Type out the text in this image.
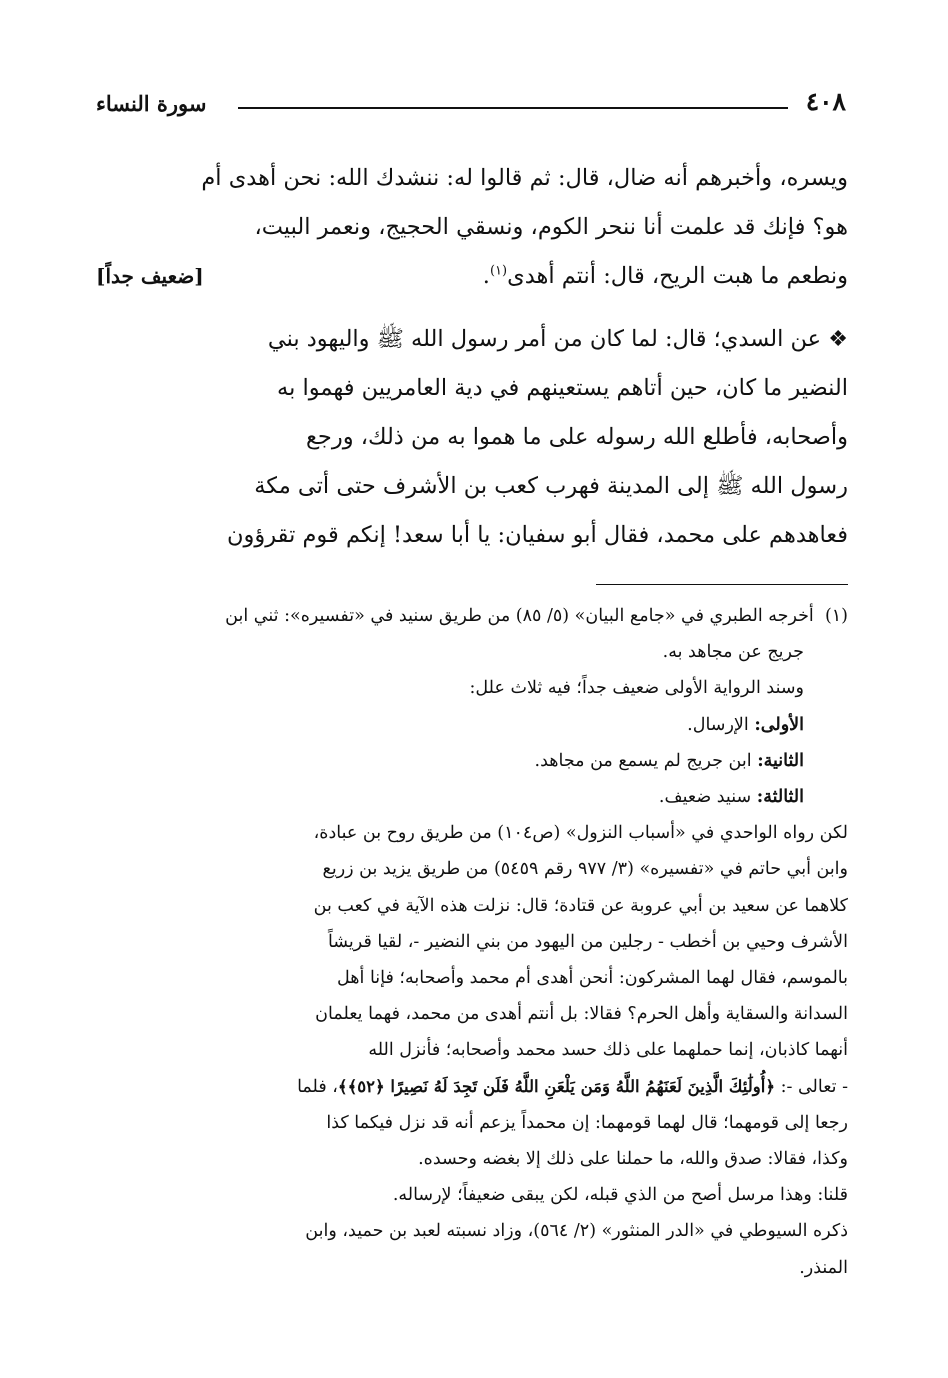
٤٠٨
سورة النساء

ويسره، وأخبرهم أنه ضال، قال: ثم قالوا له: ننشدك الله: نحن أهدى أم

هو؟ فإنك قد علمت أنا ننحر الكوم، ونسقي الحجيج، ونعمر البيت،

ونطعم ما هبت الريح، قال: أنتم أهدى$^{(١)}$.
[ضعيف جداً]

❖ عن السدي؛ قال: لما كان من أمر رسول الله ﷺ واليهود بني

النضير ما كان، حين أتاهم يستعينهم في دية العامريين فهموا به

وأصحابه، فأطلع الله رسوله على ما هموا به من ذلك، ورجع

رسول الله ﷺ إلى المدينة فهرب كعب بن الأشرف حتى أتى مكة

فعاهدهم على محمد، فقال أبو سفيان: يا أبا سعد! إنكم قوم تقرؤون

(١)  أخرجه الطبري في «جامع البيان» (٥/ ٨٥) من طريق سنيد في «تفسيره»: ثني ابن

جريج عن مجاهد به.

وسند الرواية الأولى ضعيف جداً؛ فيه ثلاث علل:

الأولى: الإرسال.

الثانية: ابن جريج لم يسمع من مجاهد.

الثالثة: سنيد ضعيف.

لكن رواه الواحدي في «أسباب النزول» (ص١٠٤) من طريق روح بن عبادة،

وابن أبي حاتم في «تفسيره» (٣/ ٩٧٧ رقم ٥٤٥٩) من طريق يزيد بن زريع

كلاهما عن سعيد بن أبي عروبة عن قتادة؛ قال: نزلت هذه الآية في كعب بن

الأشرف وحيي بن أخطب - رجلين من اليهود من بني النضير -، لقيا قريشاً

بالموسم، فقال لهما المشركون: أنحن أهدى أم محمد وأصحابه؛ فإنا أهل

السدانة والسقاية وأهل الحرم؟ فقالا: بل أنتم أهدى من محمد، فهما يعلمان

أنهما كاذبان، إنما حملهما على ذلك حسد محمد وأصحابه؛ فأنزل الله

- تعالى -: ﴿أُولَٰئِكَ الَّذِينَ لَعَنَهُمُ اللَّهُ وَمَن يَلْعَنِ اللَّهُ فَلَن تَجِدَ لَهُ نَصِيرًا ﴿٥٢﴾﴾، فلما

رجعا إلى قومهما؛ قال لهما قومهما: إن محمداً يزعم أنه قد نزل فيكما كذا

وكذا، فقالا: صدق والله، ما حملنا على ذلك إلا بغضه وحسده.

قلنا: وهذا مرسل أصح من الذي قبله، لكن يبقى ضعيفاً؛ لإرساله.

ذكره السيوطي في «الدر المنثور» (٢/ ٥٦٤)، وزاد نسبته لعبد بن حميد، وابن

المنذر.
